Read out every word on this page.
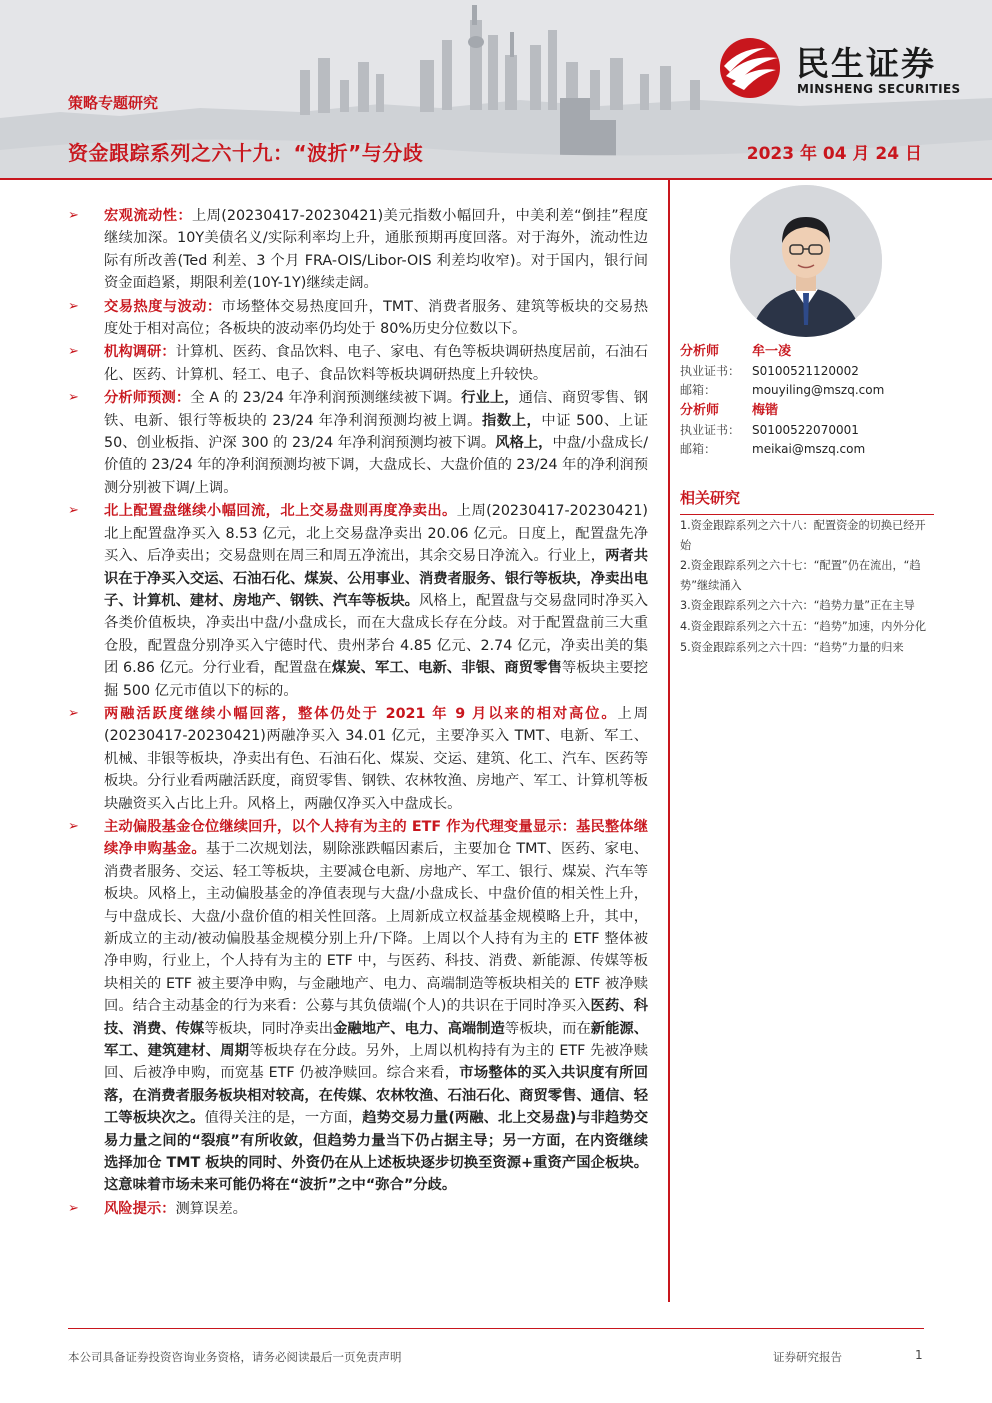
策略专题研究
资金跟踪系列之六十九：“波折”与分歧	2023 年 04 月 24 日
民生证券
MINSHENG SECURITIES
➢ 宏观流动性：上周(20230417-20230421)美元指数小幅回升，中美利差“倒挂”程度继续加深。10Y美债名义/实际利率均上升，通胀预期再度回落。对于海外，流动性边际有所改善(Ted 利差、3 个月 FRA-OIS/Libor-OIS 利差均收窄)。对于国内，银行间资金面趋紧，期限利差(10Y-1Y)继续走阔。
➢ 交易热度与波动：市场整体交易热度回升，TMT、消费者服务、建筑等板块的交易热度处于相对高位；各板块的波动率仍均处于 80%历史分位数以下。
➢ 机构调研：计算机、医药、食品饮料、电子、家电、有色等板块调研热度居前，石油石化、医药、计算机、轻工、电子、食品饮料等板块调研热度上升较快。
➢ 分析师预测：全 A 的 23/24 年净利润预测继续被下调。行业上，通信、商贸零售、钢铁、电新、银行等板块的 23/24 年净利润预测均被上调。指数上，中证 500、上证 50、创业板指、沪深 300 的 23/24 年净利润预测均被下调。风格上，中盘/小盘成长/价值的 23/24 年的净利润预测均被下调，大盘成长、大盘价值的 23/24 年的净利润预测分别被下调/上调。
➢ 北上配置盘继续小幅回流，北上交易盘则再度净卖出。上周(20230417-20230421)北上配置盘净买入 8.53 亿元，北上交易盘净卖出 20.06 亿元。日度上，配置盘先净买入、后净卖出；交易盘则在周三和周五净流出，其余交易日净流入。行业上，两者共识在于净买入交运、石油石化、煤炭、公用事业、消费者服务、银行等板块，净卖出电子、计算机、建材、房地产、钢铁、汽车等板块。风格上，配置盘与交易盘同时净买入各类价值板块，净卖出中盘/小盘成长，而在大盘成长存在分歧。对于配置盘前三大重仓股，配置盘分别净买入宁德时代、贵州茅台 4.85 亿元、2.74 亿元，净卖出美的集团 6.86 亿元。分行业看，配置盘在煤炭、军工、电新、非银、商贸零售等板块主要挖掘 500 亿元市值以下的标的。
➢ 两融活跃度继续小幅回落，整体仍处于 2021 年 9 月以来的相对高位。上周(20230417-20230421)两融净买入 34.01 亿元，主要净买入 TMT、电新、军工、机械、非银等板块，净卖出有色、石油石化、煤炭、交运、建筑、化工、汽车、医药等板块。分行业看两融活跃度，商贸零售、钢铁、农林牧渔、房地产、军工、计算机等板块融资买入占比上升。风格上，两融仅净买入中盘成长。
➢ 主动偏股基金仓位继续回升，以个人持有为主的 ETF 作为代理变量显示：基民整体继续净申购基金。基于二次规划法，剔除涨跌幅因素后，主要加仓 TMT、医药、家电、消费者服务、交运、轻工等板块，主要减仓电新、房地产、军工、银行、煤炭、汽车等板块。风格上，主动偏股基金的净值表现与大盘/小盘成长、中盘价值的相关性上升，与中盘成长、大盘/小盘价值的相关性回落。上周新成立权益基金规模略上升，其中，新成立的主动/被动偏股基金规模分别上升/下降。上周以个人持有为主的 ETF 整体被净申购，行业上，个人持有为主的 ETF 中，与医药、科技、消费、新能源、传媒等板块相关的 ETF 被主要净申购，与金融地产、电力、高端制造等板块相关的 ETF 被净赎回。结合主动基金的行为来看：公募与其负债端(个人)的共识在于同时净买入医药、科技、消费、传媒等板块，同时净卖出金融地产、电力、高端制造等板块，而在新能源、军工、建筑建材、周期等板块存在分歧。另外，上周以机构持有为主的 ETF 先被净赎回、后被净申购，而宽基 ETF 仍被净赎回。综合来看，市场整体的买入共识度有所回落，在消费者服务板块相对较高，在传媒、农林牧渔、石油石化、商贸零售、通信、轻工等板块次之。值得关注的是，一方面，趋势交易力量(两融、北上交易盘)与非趋势交易力量之间的“裂痕”有所收敛，但趋势力量当下仍占据主导；另一方面，在内资继续选择加仓 TMT 板块的同时、外资仍在从上述板块逐步切换至资源+重资产国企板块。这意味着市场未来可能仍将在“波折”之中“弥合”分歧。
➢ 风险提示：测算误差。
分析师	牟一凌
执业证书： S0100521120002
邮箱：	mouyiling@mszq.com
分析师	梅锴
执业证书： S0100522070001
邮箱：	meikai@mszq.com
相关研究
1.资金跟踪系列之六十八：配置资金的切换已经开始
2.资金跟踪系列之六十七：“配置”仍在流出，“趋势”继续涌入
3.资金跟踪系列之六十六：“趋势力量”正在主导
4.资金跟踪系列之六十五：“趋势”加速，内外分化
5.资金跟踪系列之六十四：“趋势”力量的归来
本公司具备证券投资咨询业务资格，请务必阅读最后一页免责声明	证券研究报告	1
